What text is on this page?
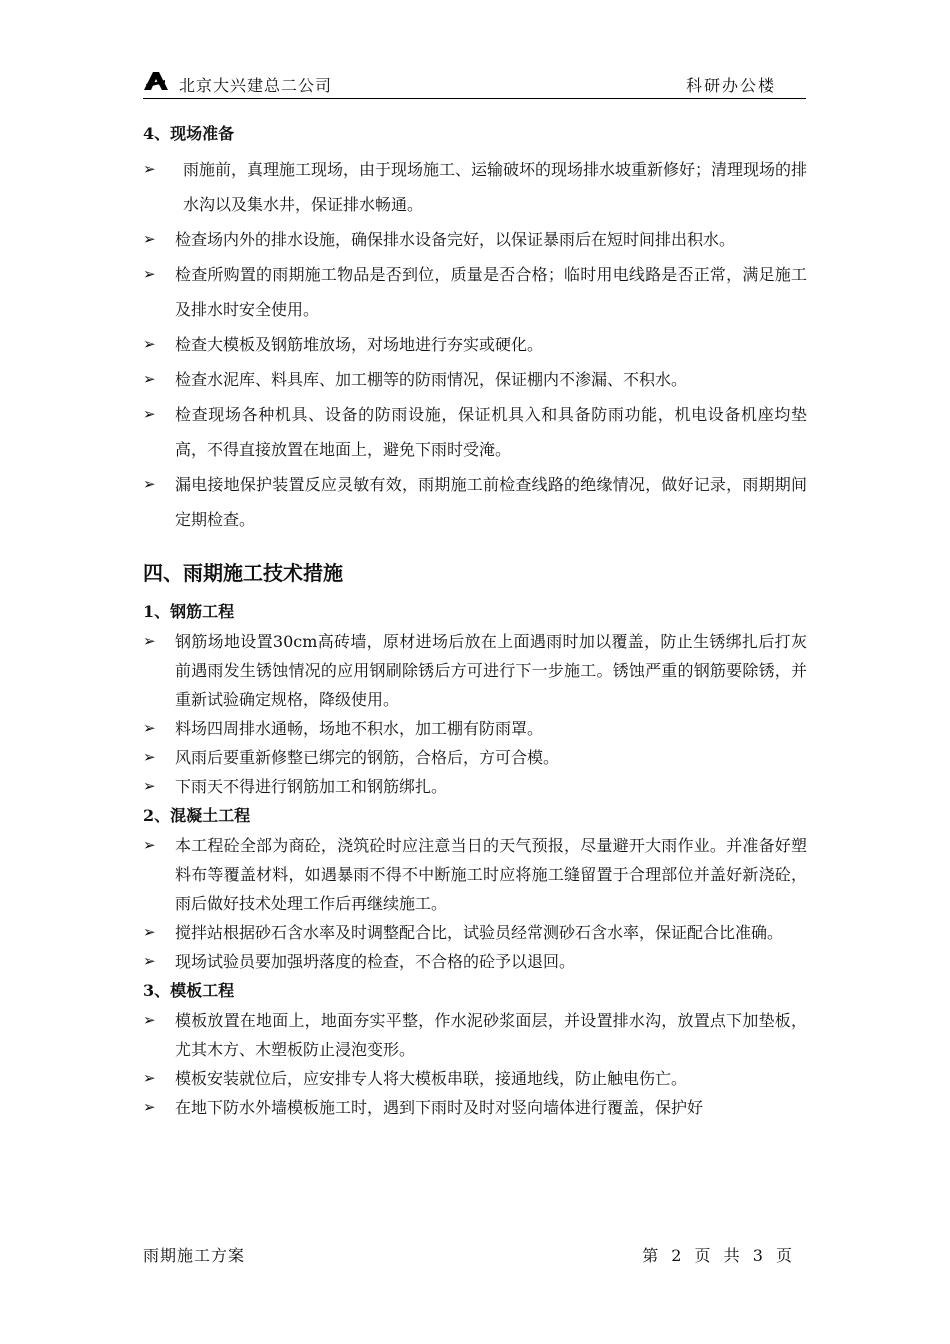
北京大兴建总二公司	科研办公楼

4、现场准备

➢ 雨施前，真理施工现场，由于现场施工、运输破坏的现场排水坡重新修好；清理现场的排水沟以及集水井，保证排水畅通。
➢ 检查场内外的排水设施，确保排水设备完好，以保证暴雨后在短时间排出积水。
➢ 检查所购置的雨期施工物品是否到位，质量是否合格；临时用电线路是否正常，满足施工及排水时安全使用。
➢ 检查大模板及钢筋堆放场，对场地进行夯实或硬化。
➢ 检查水泥库、料具库、加工棚等的防雨情况，保证棚内不渗漏、不积水。
➢ 检查现场各种机具、设备的防雨设施，保证机具入和具备防雨功能，机电设备机座均垫高，不得直接放置在地面上，避免下雨时受淹。
➢ 漏电接地保护装置反应灵敏有效，雨期施工前检查线路的绝缘情况，做好记录，雨期期间定期检查。

四、雨期施工技术措施

1、钢筋工程

➢ 钢筋场地设置30cm高砖墙，原材进场后放在上面遇雨时加以覆盖，防止生锈绑扎后打灰前遇雨发生锈蚀情况的应用钢刷除锈后方可进行下一步施工。锈蚀严重的钢筋要除锈，并重新试验确定规格，降级使用。
➢ 料场四周排水通畅，场地不积水，加工棚有防雨罩。
➢ 风雨后要重新修整已绑完的钢筋，合格后，方可合模。
➢ 下雨天不得进行钢筋加工和钢筋绑扎。

2、混凝土工程

➢ 本工程砼全部为商砼，浇筑砼时应注意当日的天气预报，尽量避开大雨作业。并准备好塑料布等覆盖材料，如遇暴雨不得不中断施工时应将施工缝留置于合理部位并盖好新浇砼，雨后做好技术处理工作后再继续施工。
➢ 搅拌站根据砂石含水率及时调整配合比，试验员经常测砂石含水率，保证配合比准确。
➢ 现场试验员要加强坍落度的检查，不合格的砼予以退回。

3、模板工程

➢ 模板放置在地面上，地面夯实平整，作水泥砂浆面层，并设置排水沟，放置点下加垫板，尤其木方、木塑板防止浸泡变形。
➢ 模板安装就位后，应安排专人将大模板串联，接通地线，防止触电伤亡。
➢ 在地下防水外墙模板施工时，遇到下雨时及时对竖向墙体进行覆盖，保护好
雨期施工方案	第 2 页 共 3 页
